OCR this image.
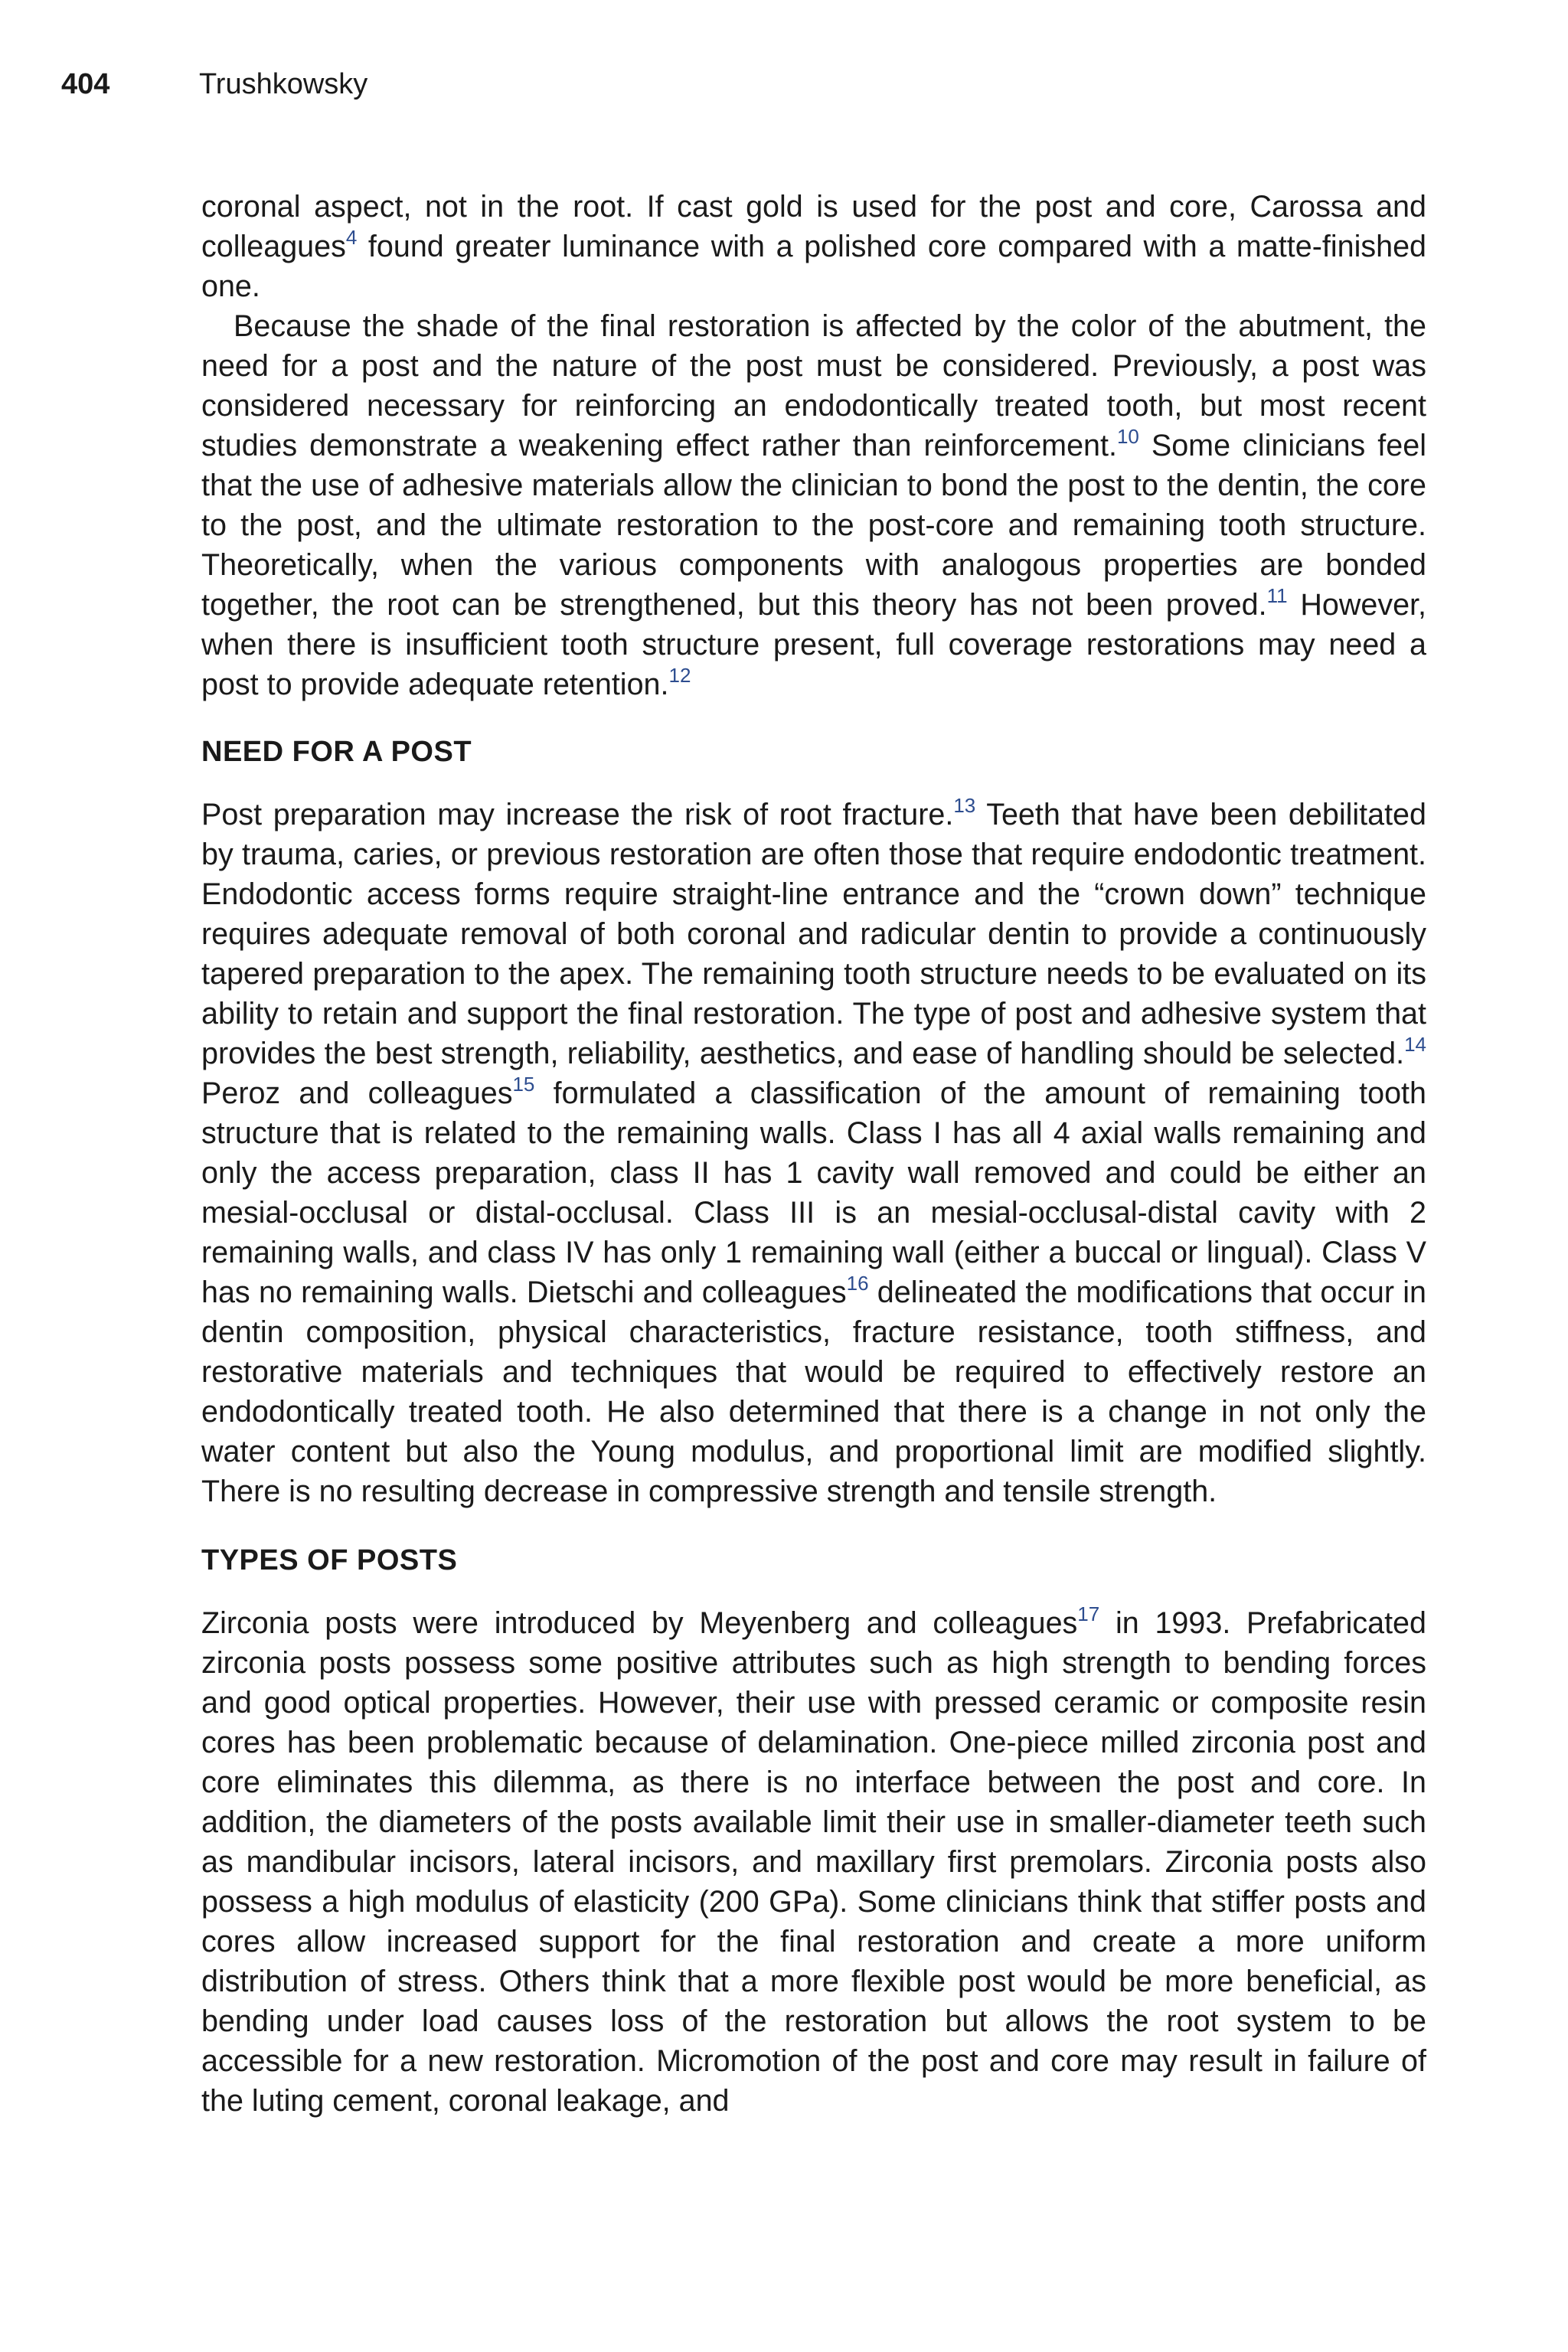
404	Trushkowsky

coronal aspect, not in the root. If cast gold is used for the post and core, Carossa and colleagues$^4$ found greater luminance with a polished core compared with a matte-finished one.

Because the shade of the final restoration is affected by the color of the abutment, the need for a post and the nature of the post must be considered. Previously, a post was considered necessary for reinforcing an endodontically treated tooth, but most recent studies demonstrate a weakening effect rather than reinforcement.$^{10}$ Some clinicians feel that the use of adhesive materials allow the clinician to bond the post to the dentin, the core to the post, and the ultimate restoration to the post-core and remaining tooth structure. Theoretically, when the various components with analogous properties are bonded together, the root can be strengthened, but this theory has not been proved.$^{11}$ However, when there is insufficient tooth structure present, full coverage restorations may need a post to provide adequate retention.$^{12}$

NEED FOR A POST

Post preparation may increase the risk of root fracture.$^{13}$ Teeth that have been debilitated by trauma, caries, or previous restoration are often those that require endodontic treatment. Endodontic access forms require straight-line entrance and the “crown down” technique requires adequate removal of both coronal and radicular dentin to provide a continuously tapered preparation to the apex. The remaining tooth structure needs to be evaluated on its ability to retain and support the final restoration. The type of post and adhesive system that provides the best strength, reliability, aesthetics, and ease of handling should be selected.$^{14}$ Peroz and colleagues$^{15}$ formulated a classification of the amount of remaining tooth structure that is related to the remaining walls. Class I has all 4 axial walls remaining and only the access preparation, class II has 1 cavity wall removed and could be either an mesial-occlusal or distal-occlusal. Class III is an mesial-occlusal-distal cavity with 2 remaining walls, and class IV has only 1 remaining wall (either a buccal or lingual). Class V has no remaining walls. Dietschi and colleagues$^{16}$ delineated the modifications that occur in dentin composition, physical characteristics, fracture resistance, tooth stiffness, and restorative materials and techniques that would be required to effectively restore an endodontically treated tooth. He also determined that there is a change in not only the water content but also the Young modulus, and proportional limit are modified slightly. There is no resulting decrease in compressive strength and tensile strength.

TYPES OF POSTS

Zirconia posts were introduced by Meyenberg and colleagues$^{17}$ in 1993. Prefabricated zirconia posts possess some positive attributes such as high strength to bending forces and good optical properties. However, their use with pressed ceramic or composite resin cores has been problematic because of delamination. One-piece milled zirconia post and core eliminates this dilemma, as there is no interface between the post and core. In addition, the diameters of the posts available limit their use in smaller-diameter teeth such as mandibular incisors, lateral incisors, and maxillary first premolars. Zirconia posts also possess a high modulus of elasticity (200 GPa). Some clinicians think that stiffer posts and cores allow increased support for the final restoration and create a more uniform distribution of stress. Others think that a more flexible post would be more beneficial, as bending under load causes loss of the restoration but allows the root system to be accessible for a new restoration. Micromotion of the post and core may result in failure of the luting cement, coronal leakage, and
